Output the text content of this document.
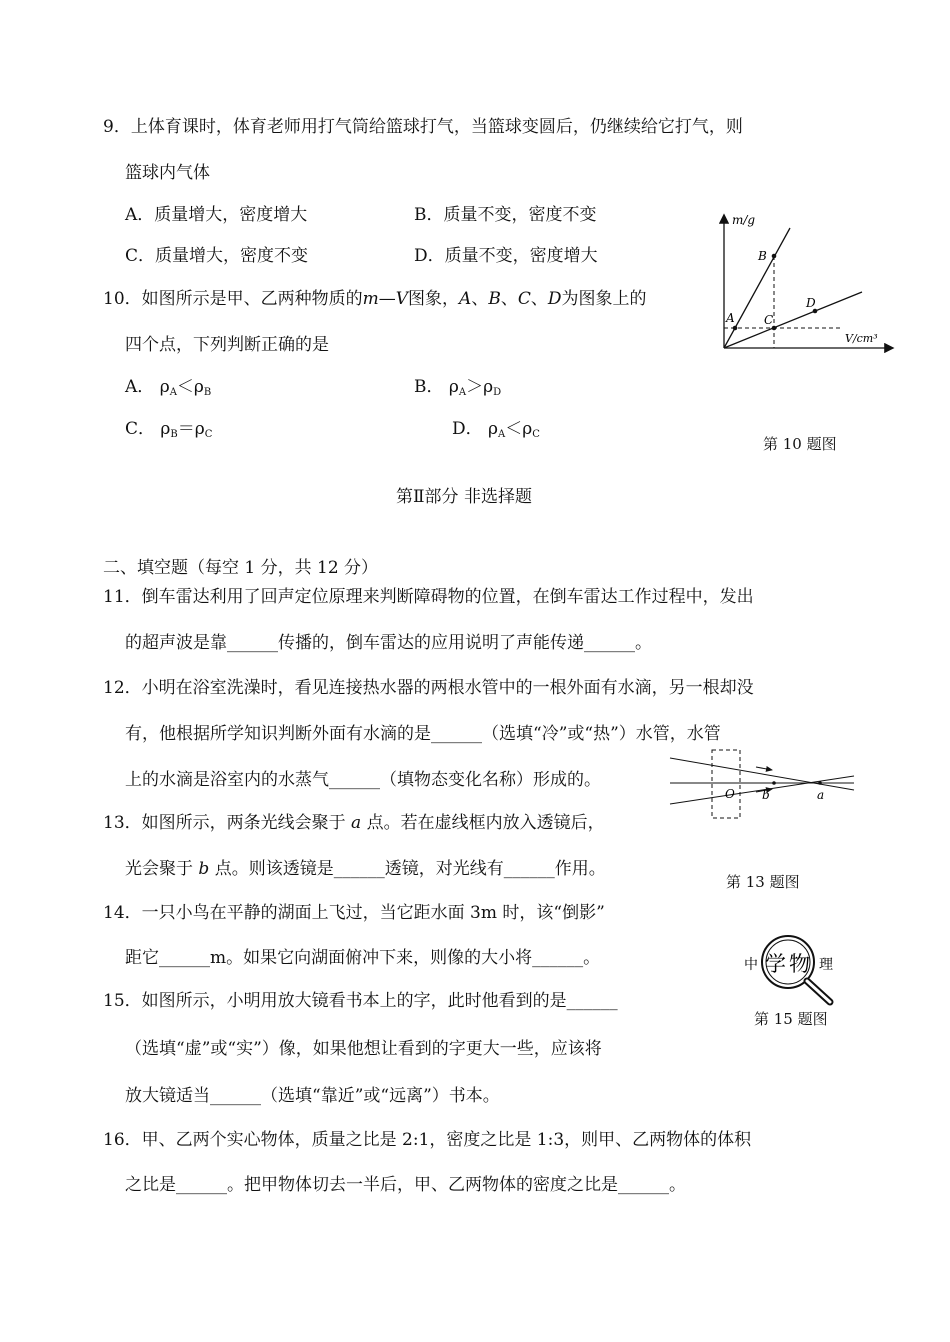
9．上体育课时，体育老师用打气筒给篮球打气，当篮球变圆后，仍继续给它打气，则
篮球内气体
A．质量增大，密度增大	B．质量不变，密度不变
C．质量增大，密度不变	D．质量不变，密度增大
10．如图所示是甲、乙两种物质的m—V图象，A、B、C、D为图象上的
四个点，下列判断正确的是
A． $\rho_A<\rho_B$	B． $\rho_A>\rho_D$
C． $\rho_B=\rho_C$	D． $\rho_A<\rho_C$
m/g
A
B
C
D
V/cm³
第 10 题图
第Ⅱ部分 非选择题
二、填空题（每空 1 分，共 12 分）
11．倒车雷达利用了回声定位原理来判断障碍物的位置，在倒车雷达工作过程中，发出
的超声波是靠______传播的，倒车雷达的应用说明了声能传递______。
12．小明在浴室洗澡时，看见连接热水器的两根水管中的一根外面有水滴，另一根却没
有，他根据所学知识判断外面有水滴的是______（选填“冷”或“热”）水管，水管
上的水滴是浴室内的水蒸气______（填物态变化名称）形成的。
O b	a
13．如图所示，两条光线会聚于 a 点。若在虚线框内放入透镜后，
光会聚于 b 点。则该透镜是______透镜，对光线有______作用。
第 13 题图
14．一只小鸟在平静的湖面上飞过，当它距水面 3m 时，该“倒影”
距它______m。如果它向湖面俯冲下来，则像的大小将______。	中 学 物 理
第 15 题图
15．如图所示，小明用放大镜看书本上的字，此时他看到的是______
（选填“虚”或“实”）像，如果他想让看到的字更大一些，应该将
放大镜适当______（选填“靠近”或“远离”）书本。
16．甲、乙两个实心物体，质量之比是 2:1，密度之比是 1:3，则甲、乙两物体的体积
之比是______。把甲物体切去一半后，甲、乙两物体的密度之比是______。
